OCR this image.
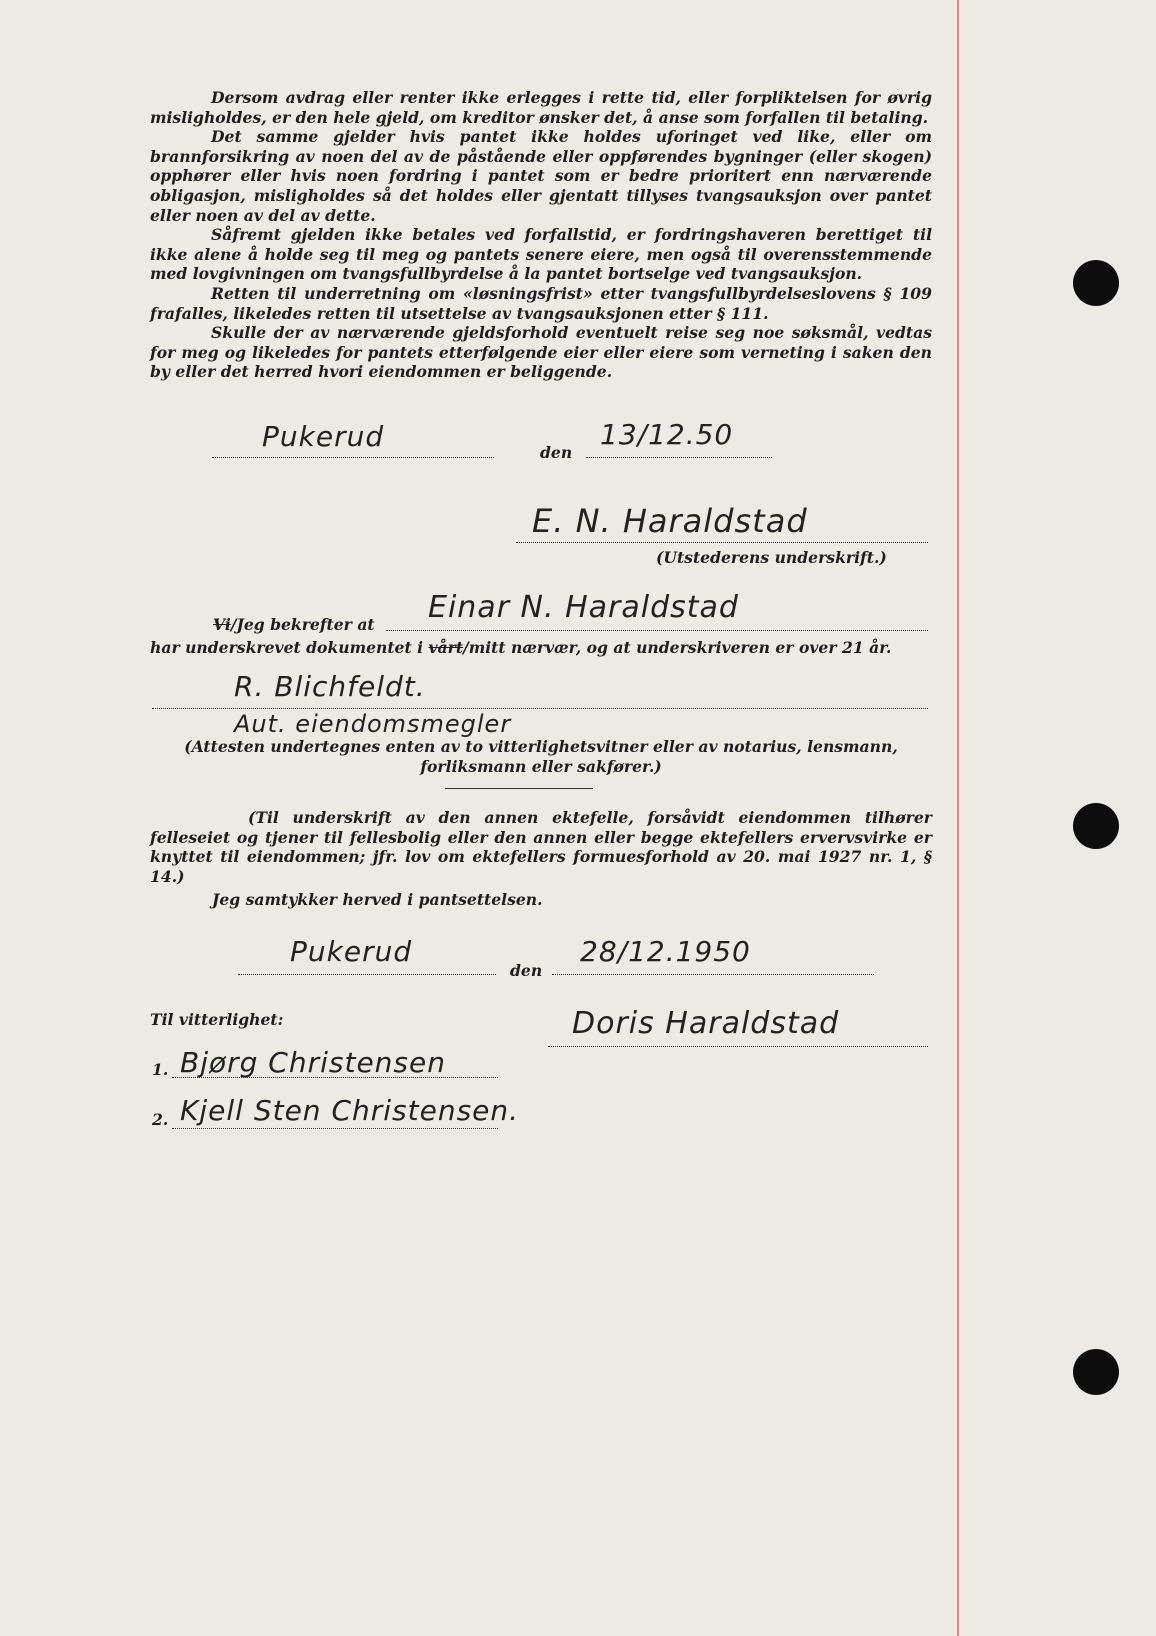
Dersom avdrag eller renter ikke erlegges i rette tid, eller forpliktelsen for øvrig misligholdes, er den hele gjeld, om kreditor ønsker det, å anse som forfallen til betaling.

Det samme gjelder hvis pantet ikke holdes uforinget ved like, eller om brannforsikring av noen del av de påstående eller oppførendes bygninger (eller skogen) opphører eller hvis noen fordring i pantet som er bedre prioritert enn nærværende obligasjon, misligholdes så det holdes eller gjentatt tillyses tvangsauksjon over pantet eller noen av del av dette.

Såfremt gjelden ikke betales ved forfallstid, er fordringshaveren berettiget til ikke alene å holde seg til meg og pantets senere eiere, men også til overensstemmende med lovgivningen om tvangsfullbyrdelse å la pantet bortselge ved tvangsauksjon.

Retten til underretning om «løsningsfrist» etter tvangsfullbyrdelseslovens § 109 frafalles, likeledes retten til utsettelse av tvangsauksjonen etter § 111.

Skulle der av nærværende gjeldsforhold eventuelt reise seg noe søksmål, vedtas for meg og likeledes for pantets etterfølgende eier eller eiere som verneting i saken den by eller det herred hvori eiendommen er beliggende.

Pukerud	den
13/12.50
E. N. Haraldstad
(Utstederens underskrift.)
Vi/Jeg bekrefter at Einar N. Haraldstad
har underskrevet dokumentet i vårt/mitt nærvær, og at underskriveren er over 21 år.
R. Blichfeldt.
Aut. eiendomsmegler

(Attesten undertegnes enten av to vitterlighetsvitner eller av notarius, lensmann, forliksmann eller sakfører.)

(Til underskrift av den annen ektefelle, forsåvidt eiendommen tilhører felleseiet og tjener til fellesbolig eller den annen eller begge ektefellers ervervsvirke er knyttet til eiendommen; jfr. lov om ektefellers formuesforhold av 20. mai 1927 nr. 1, § 14.)

Jeg samtykker herved i pantsettelsen.
Pukerud
den
28/12.1950
Til vitterlighet:
1. Bjørg Christensen
2. Kjell Sten Christensen.
Doris Haraldstad
